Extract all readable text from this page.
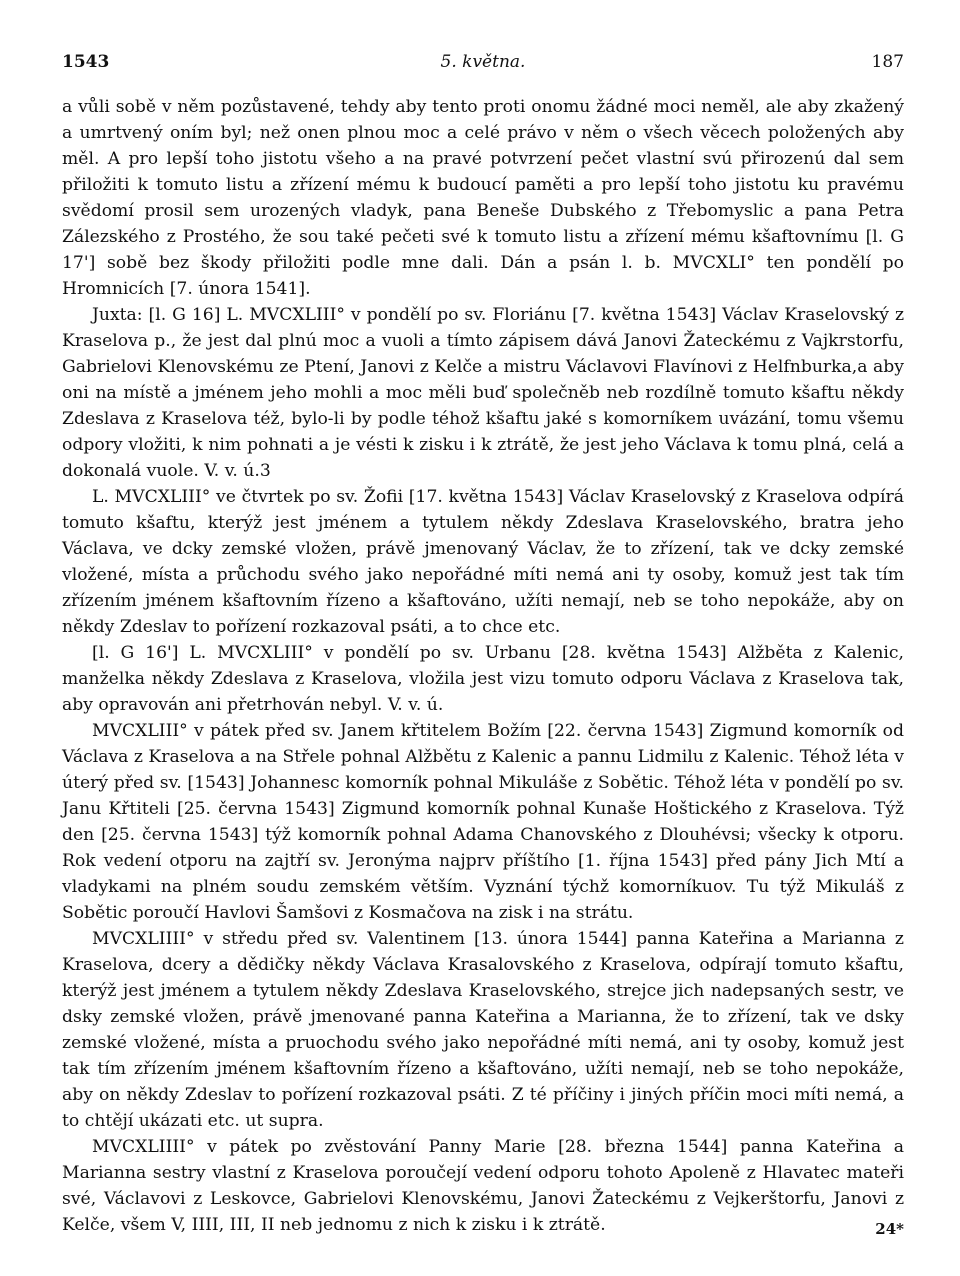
1543	5. května.	187

a vůli sobě v něm pozůstavené, tehdy aby tento proti onomu žádné moci neměl, ale aby zkažený a umrtvený oním byl; než onen plnou moc a celé právo v něm o všech věcech položených aby měl. A pro lepší toho jistotu všeho a na pravé potvrzení pečet vlastní svú přirozenú dal sem přiložiti k tomuto listu a zřízení mému k budoucí paměti a pro lepší toho jistotu ku pravému svědomí prosil sem urozených vladyk, pana Beneše Dubského z Třebomyslic a pana Petra Zálezského z Prostého, že sou také pečeti své k tomuto listu a zřízení mému kšaftovnímu [l. G 17'] sobě bez škody přiložiti podle mne dali. Dán a psán l. b. MVCXLI° ten pondělí po Hromnicích [7. února 1541].

Juxta: [l. G 16] L. MVCXLIII° v pondělí po sv. Floriánu [7. května 1543] Václav Kraselovský z Kraselova p., že jest dal plnú moc a vuoli a tímto zápisem dává Janovi Žateckému z Vajkrstorfu, Gabrielovi Klenovskému ze Ptení, Janovi z Kelče a mistru Václavovi Flavínovi z Helfnburka,a aby oni na místě a jménem jeho mohli a moc měli buď společněb neb rozdílně tomuto kšaftu někdy Zdeslava z Kraselova též, bylo-li by podle téhož kšaftu jaké s komorníkem uvázání, tomu všemu odpory vložiti, k nim pohnati a je vésti k zisku i k ztrátě, že jest jeho Václava k tomu plná, celá a dokonalá vuole. V. v. ú.3

L. MVCXLIII° ve čtvrtek po sv. Žofii [17. května 1543] Václav Kraselovský z Kraselova odpírá tomuto kšaftu, kterýž jest jménem a tytulem někdy Zdeslava Kraselovského, bratra jeho Václava, ve dcky zemské vložen, právě jmenovaný Václav, že to zřízení, tak ve dcky zemské vložené, místa a průchodu svého jako nepořádné míti nemá ani ty osoby, komuž jest tak tím zřízením jménem kšaftovním řízeno a kšaftováno, užíti nemají, neb se toho nepokáže, aby on někdy Zdeslav to pořízení rozkazoval psáti, a to chce etc.

[l. G 16'] L. MVCXLIII° v pondělí po sv. Urbanu [28. května 1543] Alžběta z Kalenic, manželka někdy Zdeslava z Kraselova, vložila jest vizu tomuto odporu Václava z Kraselova tak, aby opravován ani přetrhován nebyl. V. v. ú.

MVCXLIII° v pátek před sv. Janem křtitelem Božím [22. června 1543] Zigmund komorník od Václava z Kraselova a na Střele pohnal Alžbětu z Kalenic a pannu Lidmilu z Kalenic. Téhož léta v úterý před sv. [1543] Johannesc komorník pohnal Mikuláše z Sobětic. Téhož léta v pondělí po sv. Janu Křtiteli [25. června 1543] Zigmund komorník pohnal Kunaše Hoštického z Kraselova. Týž den [25. června 1543] týž komorník pohnal Adama Chanovského z Dlouhévsi; všecky k otporu. Rok vedení otporu na zajtří sv. Jeronýma najprv příštího [1. října 1543] před pány Jich Mtí a vladykami na plném soudu zemském větším. Vyznání týchž komorníkuov. Tu týž Mikuláš z Sobětic poroučí Havlovi Šamšovi z Kosmačova na zisk i na strátu.

MVCXLIIII° v středu před sv. Valentinem [13. února 1544] panna Kateřina a Marianna z Kraselova, dcery a dědičky někdy Václava Krasalovského z Kraselova, odpírají tomuto kšaftu, kterýž jest jménem a tytulem někdy Zdeslava Kraselovského, strejce jich nadepsaných sestr, ve dsky zemské vložen, právě jmenované panna Kateřina a Marianna, že to zřízení, tak ve dsky zemské vložené, místa a pruochodu svého jako nepořádné míti nemá, ani ty osoby, komuž jest tak tím zřízením jménem kšaftovním řízeno a kšaftováno, užíti nemají, neb se toho nepokáže, aby on někdy Zdeslav to pořízení rozkazoval psáti. Z té příčiny i jiných příčin moci míti nemá, a to chtějí ukázati etc. ut supra.

MVCXLIIII° v pátek po zvěstování Panny Marie [28. března 1544] panna Kateřina a Marianna sestry vlastní z Kraselova poroučejí vedení odporu tohoto Apoleně z Hlavatec mateři své, Václavovi z Leskovce, Gabrielovi Klenovskému, Janovi Žateckému z Vejkerštorfu, Janovi z Kelče, všem V, IIII, III, II neb jednomu z nich k zisku i k ztrátě.	24*
